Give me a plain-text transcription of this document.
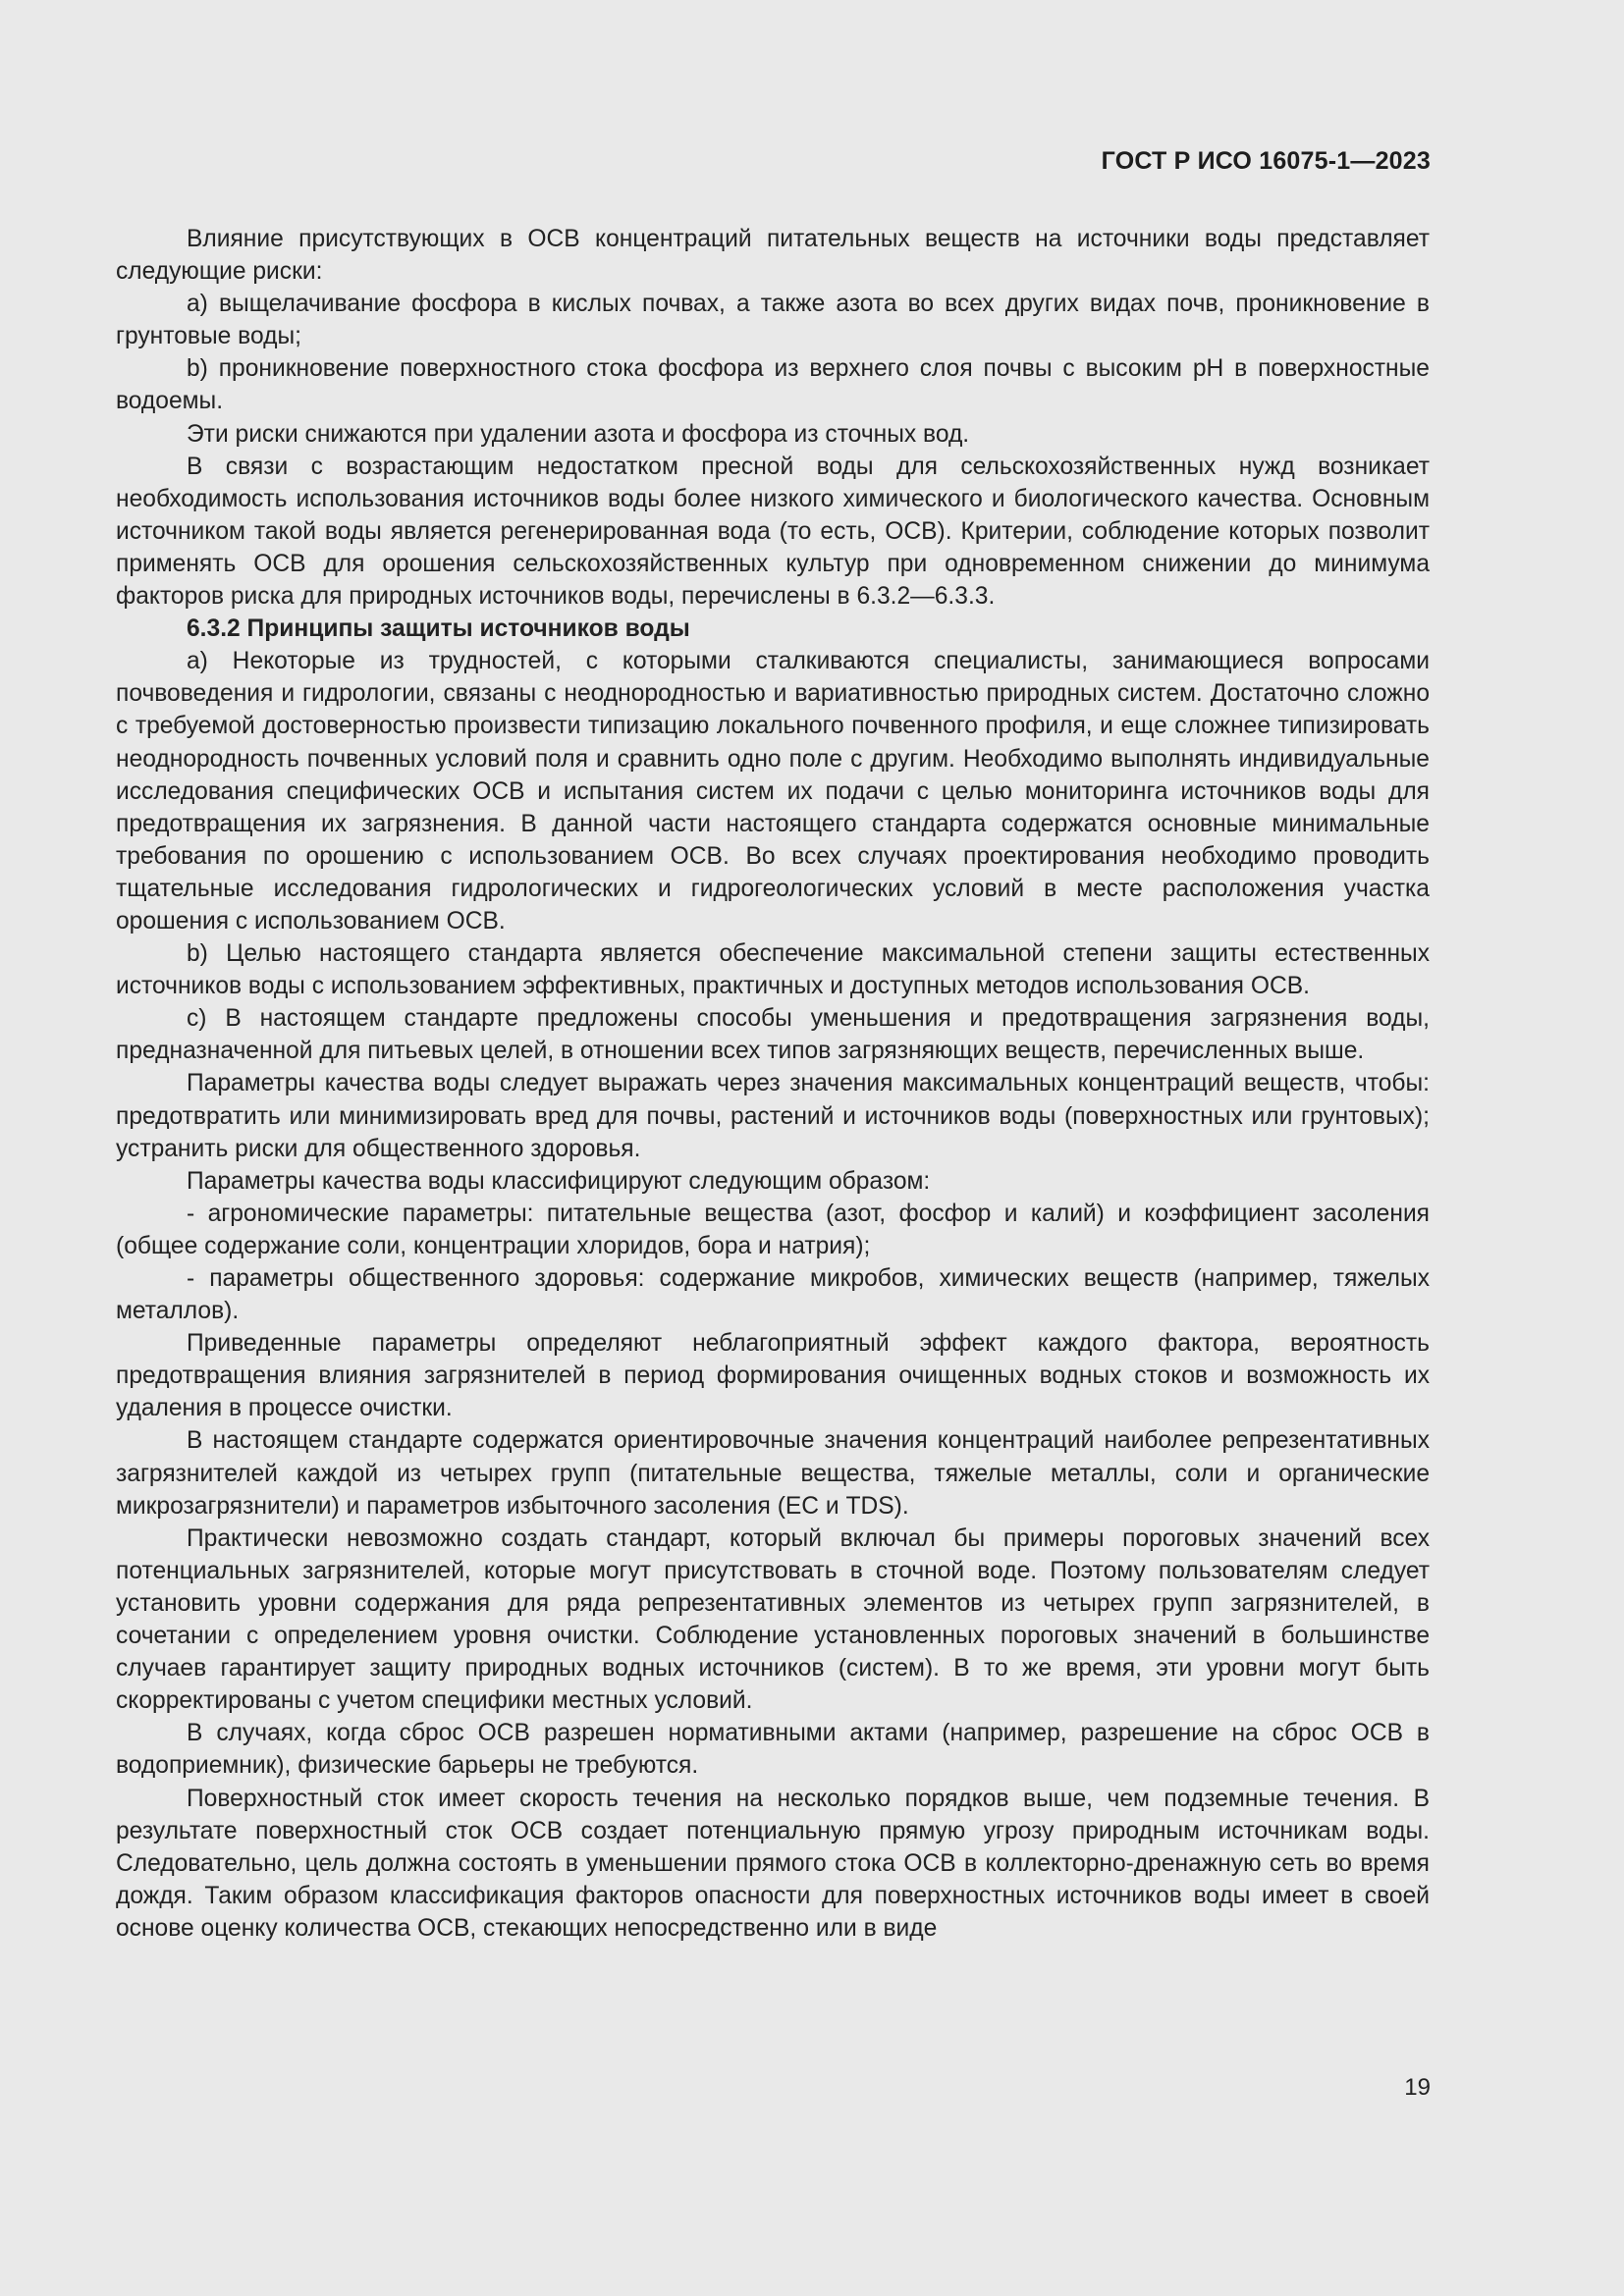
ГОСТ Р ИСО 16075-1—2023

Влияние присутствующих в ОСВ концентраций питательных веществ на источники воды представляет следующие риски:

а) выщелачивание фосфора в кислых почвах, а также азота во всех других видах почв, проникновение в грунтовые воды;

b) проникновение поверхностного стока фосфора из верхнего слоя почвы с высоким pH в поверхностные водоемы.

Эти риски снижаются при удалении азота и фосфора из сточных вод.

В связи с возрастающим недостатком пресной воды для сельскохозяйственных нужд возникает необходимость использования источников воды более низкого химического и биологического качества. Основным источником такой воды является регенерированная вода (то есть, ОСВ). Критерии, соблюдение которых позволит применять ОСВ для орошения сельскохозяйственных культур при одновременном снижении до минимума факторов риска для природных источников воды, перечислены в 6.3.2—6.3.3.

6.3.2 Принципы защиты источников воды

а) Некоторые из трудностей, с которыми сталкиваются специалисты, занимающиеся вопросами почвоведения и гидрологии, связаны с неоднородностью и вариативностью природных систем. Достаточно сложно с требуемой достоверностью произвести типизацию локального почвенного профиля, и еще сложнее типизировать неоднородность почвенных условий поля и сравнить одно поле с другим. Необходимо выполнять индивидуальные исследования специфических ОСВ и испытания систем их подачи с целью мониторинга источников воды для предотвращения их загрязнения. В данной части настоящего стандарта содержатся основные минимальные требования по орошению с использованием ОСВ. Во всех случаях проектирования необходимо проводить тщательные исследования гидрологических и гидрогеологических условий в месте расположения участка орошения с использованием ОСВ.

b) Целью настоящего стандарта является обеспечение максимальной степени защиты естественных источников воды с использованием эффективных, практичных и доступных методов использования ОСВ.

с) В настоящем стандарте предложены способы уменьшения и предотвращения загрязнения воды, предназначенной для питьевых целей, в отношении всех типов загрязняющих веществ, перечисленных выше.

Параметры качества воды следует выражать через значения максимальных концентраций веществ, чтобы: предотвратить или минимизировать вред для почвы, растений и источников воды (поверхностных или грунтовых); устранить риски для общественного здоровья.

Параметры качества воды классифицируют следующим образом:

- агрономические параметры: питательные вещества (азот, фосфор и калий) и коэффициент засоления (общее содержание соли, концентрации хлоридов, бора и натрия);

- параметры общественного здоровья: содержание микробов, химических веществ (например, тяжелых металлов).

Приведенные параметры определяют неблагоприятный эффект каждого фактора, вероятность предотвращения влияния загрязнителей в период формирования очищенных водных стоков и возможность их удаления в процессе очистки.

В настоящем стандарте содержатся ориентировочные значения концентраций наиболее репрезентативных загрязнителей каждой из четырех групп (питательные вещества, тяжелые металлы, соли и органические микрозагрязнители) и параметров избыточного засоления (ЕС и TDS).

Практически невозможно создать стандарт, который включал бы примеры пороговых значений всех потенциальных загрязнителей, которые могут присутствовать в сточной воде. Поэтому пользователям следует установить уровни содержания для ряда репрезентативных элементов из четырех групп загрязнителей, в сочетании с определением уровня очистки. Соблюдение установленных пороговых значений в большинстве случаев гарантирует защиту природных водных источников (систем). В то же время, эти уровни могут быть скорректированы с учетом специфики местных условий.

В случаях, когда сброс ОСВ разрешен нормативными актами (например, разрешение на сброс ОСВ в водоприемник), физические барьеры не требуются.

Поверхностный сток имеет скорость течения на несколько порядков выше, чем подземные течения. В результате поверхностный сток ОСВ создает потенциальную прямую угрозу природным источникам воды. Следовательно, цель должна состоять в уменьшении прямого стока ОСВ в коллекторно-дренажную сеть во время дождя. Таким образом классификация факторов опасности для поверхностных источников воды имеет в своей основе оценку количества ОСВ, стекающих непосредственно или в виде

19
